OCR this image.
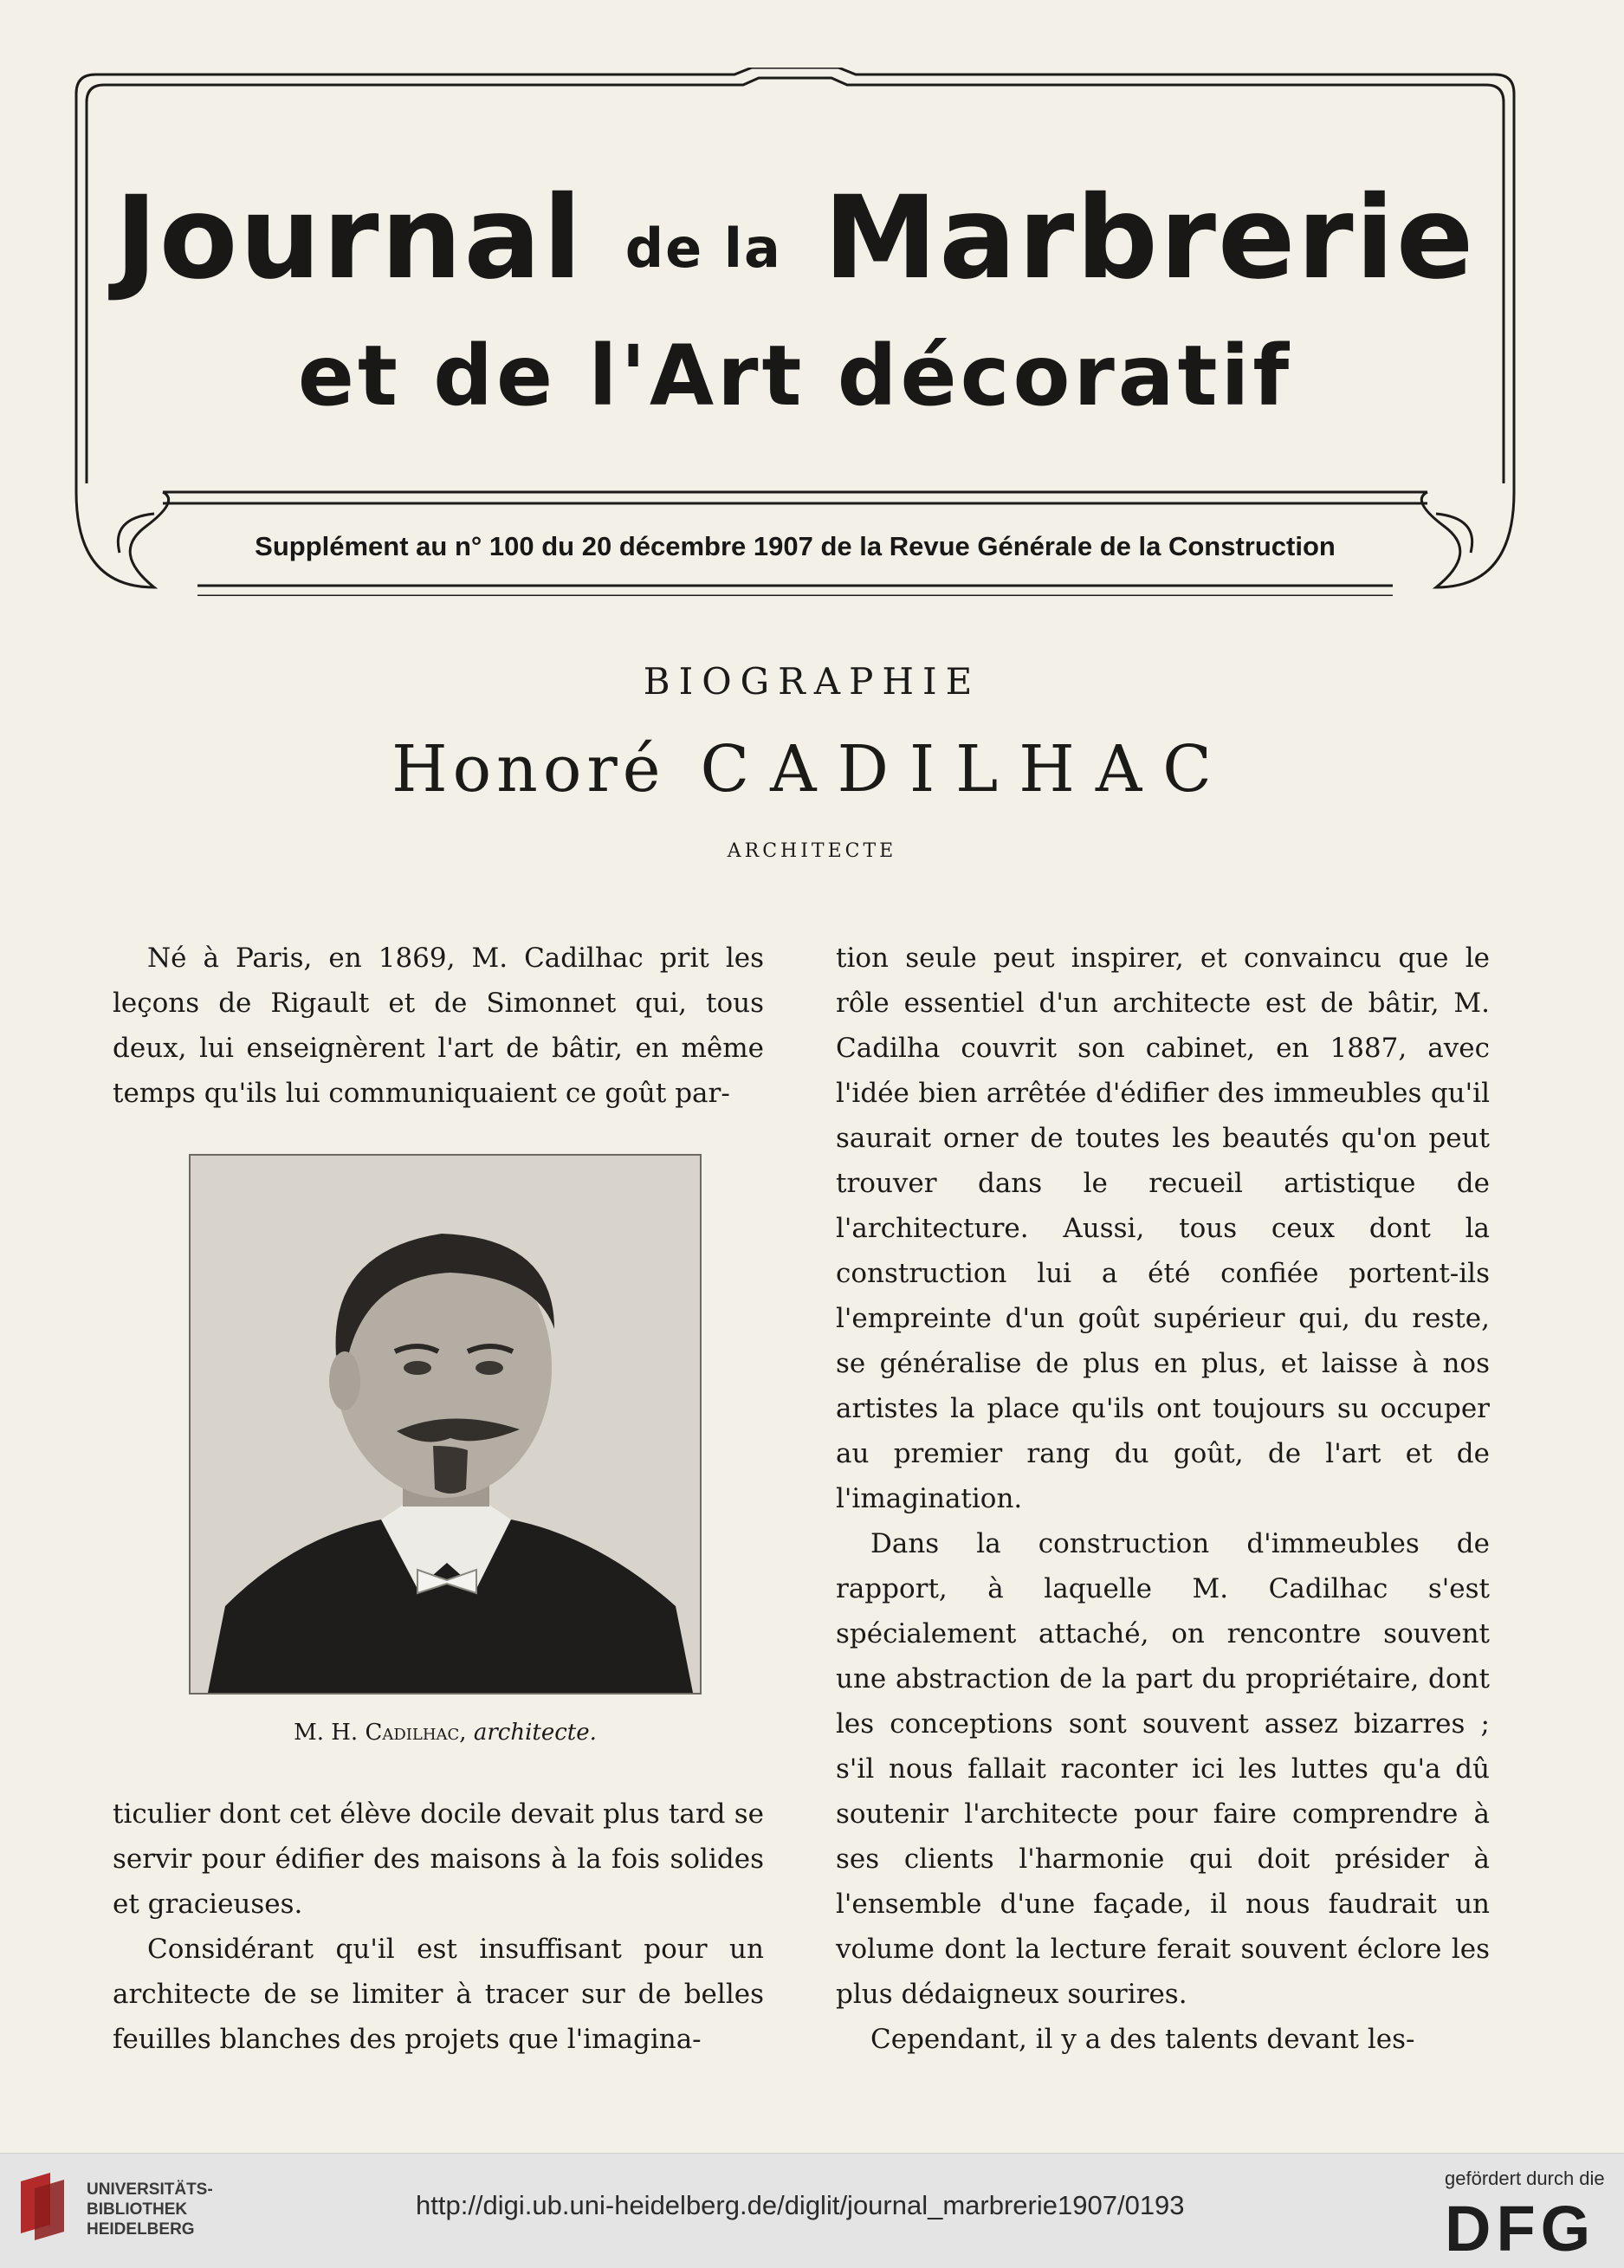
Journal de la Marbrerie
et de l'Art décoratif
Supplément au n° 100 du 20 décembre 1907 de la Revue Générale de la Construction
BIOGRAPHIE
Honoré CADILHAC
ARCHITECTE

Né à Paris, en 1869, M. Cadilhac prit les leçons de Rigault et de Simonnet qui, tous deux, lui enseignèrent l'art de bâtir, en même temps qu'ils lui communiquaient ce goût par-

M. H. Cadilhac, architecte.

ticulier dont cet élève docile devait plus tard se servir pour édifier des maisons à la fois solides et gracieuses.

Considérant qu'il est insuffisant pour un architecte de se limiter à tracer sur de belles feuilles blanches des projets que l'imagina-

tion seule peut inspirer, et convaincu que le rôle essentiel d'un architecte est de bâtir, M. Cadilha couvrit son cabinet, en 1887, avec l'idée bien arrêtée d'édifier des immeubles qu'il saurait orner de toutes les beautés qu'on peut trouver dans le recueil artistique de l'architecture. Aussi, tous ceux dont la construction lui a été confiée portent-ils l'empreinte d'un goût supérieur qui, du reste, se généralise de plus en plus, et laisse à nos artistes la place qu'ils ont toujours su occuper au premier rang du goût, de l'art et de l'imagination.

Dans la construction d'immeubles de rapport, à laquelle M. Cadilhac s'est spécialement attaché, on rencontre souvent une abstraction de la part du propriétaire, dont les conceptions sont souvent assez bizarres ; s'il nous fallait raconter ici les luttes qu'a dû soutenir l'architecte pour faire comprendre à ses clients l'harmonie qui doit présider à l'ensemble d'une façade, il nous faudrait un volume dont la lecture ferait souvent éclore les plus dédaigneux sourires.

Cependant, il y a des talents devant les-

UNIVERSITÄTS-
BIBLIOTHEK
HEIDELBERG
http://digi.ub.uni-heidelberg.de/diglit/journal_marbrerie1907/0193
gefördert durch die
DFG
